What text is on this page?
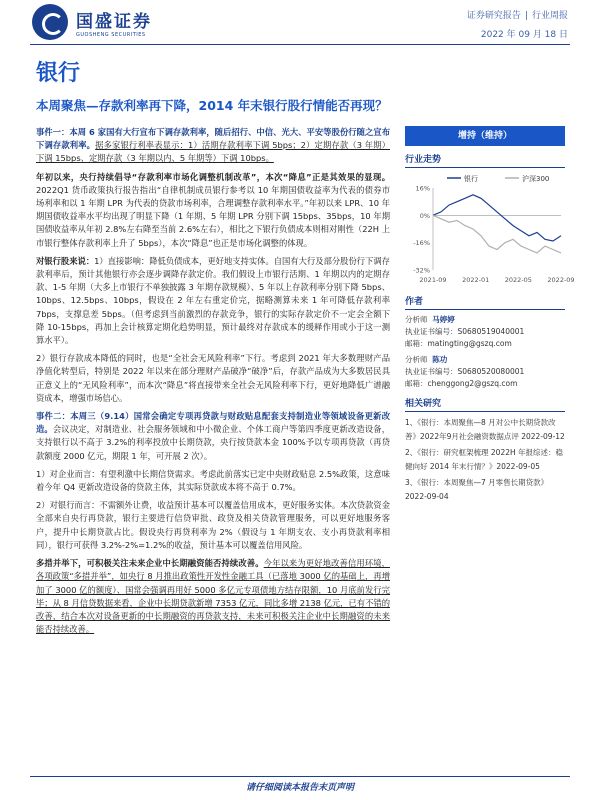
国盛证券
GUOSHENG SECURITIES
证券研究报告 | 行业周报
2022 年 09 月 18 日
银行
本周聚焦—存款利率再下降，2014 年末银行股行情能否再现？

事件一：本周 6 家国有大行宣布下调存款利率，随后招行、中信、光大、平安等股份行随之宣布下调存款利率。据多家银行利率表显示：1）活期存款利率下调 5bps；2）定期存款（3 年期）下调 15bps、定期存款（3 年期以内、5 年期等）下调 10bps。

年初以来，央行持续倡导“存款利率市场化调整机制改革”，本次“降息”正是其效果的显现。2022Q1 货币政策执行报告指出“自律机制成员银行参考以 10 年期国债收益率为代表的债券市场利率和以 1 年期 LPR 为代表的贷款市场利率，合理调整存款利率水平。”年初以来 LPR、10 年期国债收益率水平均出现了明显下降（1 年期、5 年期 LPR 分别下调 15bps、35bps，10 年期国债收益率从年初 2.8%左右降至当前 2.6%左右），相比之下银行负债成本则相对刚性（22H 上市银行整体存款利率上升了 5bps），本次“降息”也正是市场化调整的体现。

对银行股来说：1）直接影响：降低负债成本，更好地支持实体。自国有大行及部分股份行下调存款利率后，预计其他银行亦会逐步调降存款定价。我们假设上市银行活期、1 年期以内的定期存款、1-5 年期（大多上市银行不单独披露 3 年期存款规模）、5 年以上存款利率分别下降 5bps、10bps、12.5bps、10bps，假设在 2 年左右重定价完，据略测算未来 1 年可降低存款利率 7bps，支撑息差 5bps。（但考虑到当前激烈的存款竞争，银行的实际存款定价不一定会全额下降 10-15bps，再加上会计核算定期化趋势明显，预计最终对存款成本的缓释作用或小于这一测算水平）。

2）银行存款成本降低的同时，也是“全社会无风险利率”下行。考虑到 2021 年大多数理财产品净值化转型后，特别是 2022 年以来在部分理财产品破净“破净”后，存款产品成为大多数居民具正意义上的“无风险利率”，而本次“降息”将直接带来全社会无风险利率下行，更好地降低广谱融资成本，增强市场信心。

事件二：本周三（9.14）国常会确定专项再贷款与财政贴息配套支持制造业等领域设备更新改造。会议决定，对制造业、社会服务领域和中小微企业、个体工商户等第四季度更新改造设备，支持银行以不高于 3.2%的利率投放中长期贷款，央行按贷款本金 100%予以专项再贷款（再贷款额度 2000 亿元，期限 1 年，可开展 2 次）。

1）对企业而言：有望利激中长期信贷需求。考虑此前落实已定中央财政贴息 2.5%政策，这意味着今年 Q4 更新改造设备的贷款主体，其实际贷款成本将不高于 0.7%。

2）对银行而言：不需额外让费，收益预计基本可以覆盖信用成本，更好服务实体。本次贷款资金全部来自央行再贷款，银行主要进行信贷审批、政贷及相关贷款管理服务，可以更好地服务客户，提升中长期贷款占比。假设央行再贷利率为 2%（假设与 1 年期支农、支小再贷款利率相同），银行可获得 3.2%-2%=1.2%的收益，预计基本可以覆盖信用风险。

多措并举下，可积极关注未来企业中长期融资能否持续改善。今年以来为更好地改善信用环境，各项政策“多措并举”，如央行 8 月推出政策性开发性金融工具（已落地 3000 亿的基础上，再增加了 3000 亿的额度）、国常会强调再用好 5000 多亿元专项债地方结存限额，10 月底前发行完毕；从 8 月信贷数据来看，企业中长期贷款新增 7353 亿元，同比多增 2138 亿元，已有不错的改善，结合本次对设备更新的中长期融资的再贷款支持，未来可积极关注企业中长期融资的未来能否持续改善。

增持（维持）
行业走势
银行	沪深300
16%
0%
-16%
-32%
2021-09 2022-01 2022-05 2022-09
作者
分析师 马婷婷
执业证书编号：S0680519040001
邮箱：matingting@gszq.com
分析师 陈功
执业证书编号：S0680520080001
邮箱：chenggong2@gszq.com
相关研究
1、《银行：本周聚焦—8 月对公中长期贷款改善》2022年9月社会融资数据点评 2022-09-12
2、《银行：研究框架梳理 2022H 年报综述：稳健向好 2014 年末行情？》2022-09-05
3、《银行：本周聚焦—7 月零售长期贷款》2022-09-04
请仔细阅读本报告末页声明
